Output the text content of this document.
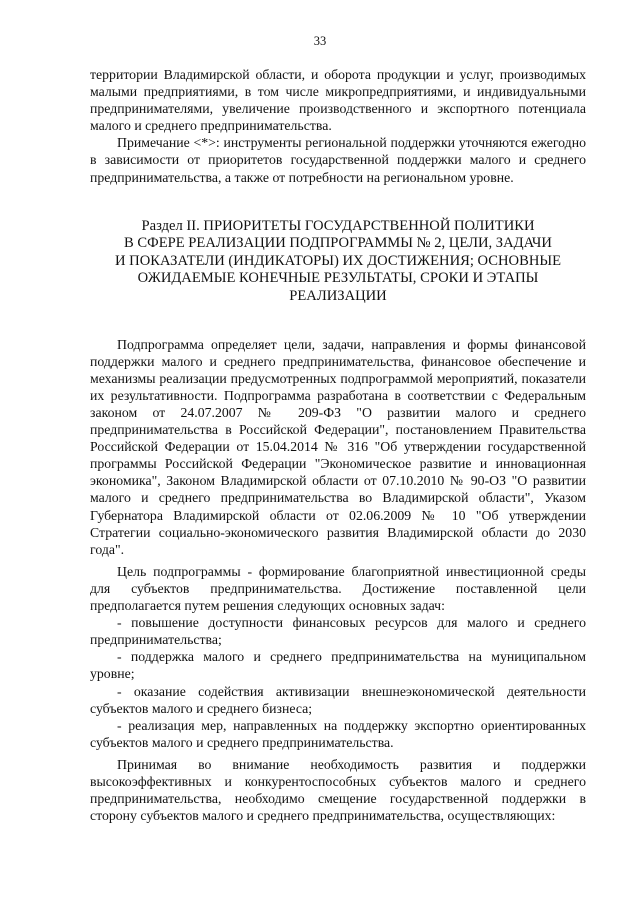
33

территории Владимирской области, и оборота продукции и услуг, производимых малыми предприятиями, в том числе микропредприятиями, и индивидуальными предпринимателями, увеличение производственного и экспортного потенциала малого и среднего предпринимательства.

Примечание <*>: инструменты региональной поддержки уточняются ежегодно в зависимости от приоритетов государственной поддержки малого и среднего предпринимательства, а также от потребности на региональном уровне.

Раздел II. ПРИОРИТЕТЫ ГОСУДАРСТВЕННОЙ ПОЛИТИКИ
В СФЕРЕ РЕАЛИЗАЦИИ ПОДПРОГРАММЫ № 2, ЦЕЛИ, ЗАДАЧИ
И ПОКАЗАТЕЛИ (ИНДИКАТОРЫ) ИХ ДОСТИЖЕНИЯ; ОСНОВНЫЕ
ОЖИДАЕМЫЕ КОНЕЧНЫЕ РЕЗУЛЬТАТЫ, СРОКИ И ЭТАПЫ
РЕАЛИЗАЦИИ

Подпрограмма определяет цели, задачи, направления и формы финансовой поддержки малого и среднего предпринимательства, финансовое обеспечение и механизмы реализации предусмотренных подпрограммой мероприятий, показатели их результативности. Подпрограмма разработана в соответствии с Федеральным законом от 24.07.2007 № 209-ФЗ "О развитии малого и среднего предпринимательства в Российской Федерации", постановлением Правительства Российской Федерации от 15.04.2014 № 316 "Об утверждении государственной программы Российской Федерации "Экономическое развитие и инновационная экономика", Законом Владимирской области от 07.10.2010 № 90-ОЗ "О развитии малого и среднего предпринимательства во Владимирской области", Указом Губернатора Владимирской области от 02.06.2009 № 10 "Об утверждении Стратегии социально-экономического развития Владимирской области до 2030 года".

Цель подпрограммы - формирование благоприятной инвестиционной среды для субъектов предпринимательства. Достижение поставленной цели предполагается путем решения следующих основных задач:

- повышение доступности финансовых ресурсов для малого и среднего предпринимательства;

- поддержка малого и среднего предпринимательства на муниципальном уровне;

- оказание содействия активизации внешнеэкономической деятельности субъектов малого и среднего бизнеса;

- реализация мер, направленных на поддержку экспортно ориентированных субъектов малого и среднего предпринимательства.

Принимая во внимание необходимость развития и поддержки высокоэффективных и конкурентоспособных субъектов малого и среднего предпринимательства, необходимо смещение государственной поддержки в сторону субъектов малого и среднего предпринимательства, осуществляющих:
